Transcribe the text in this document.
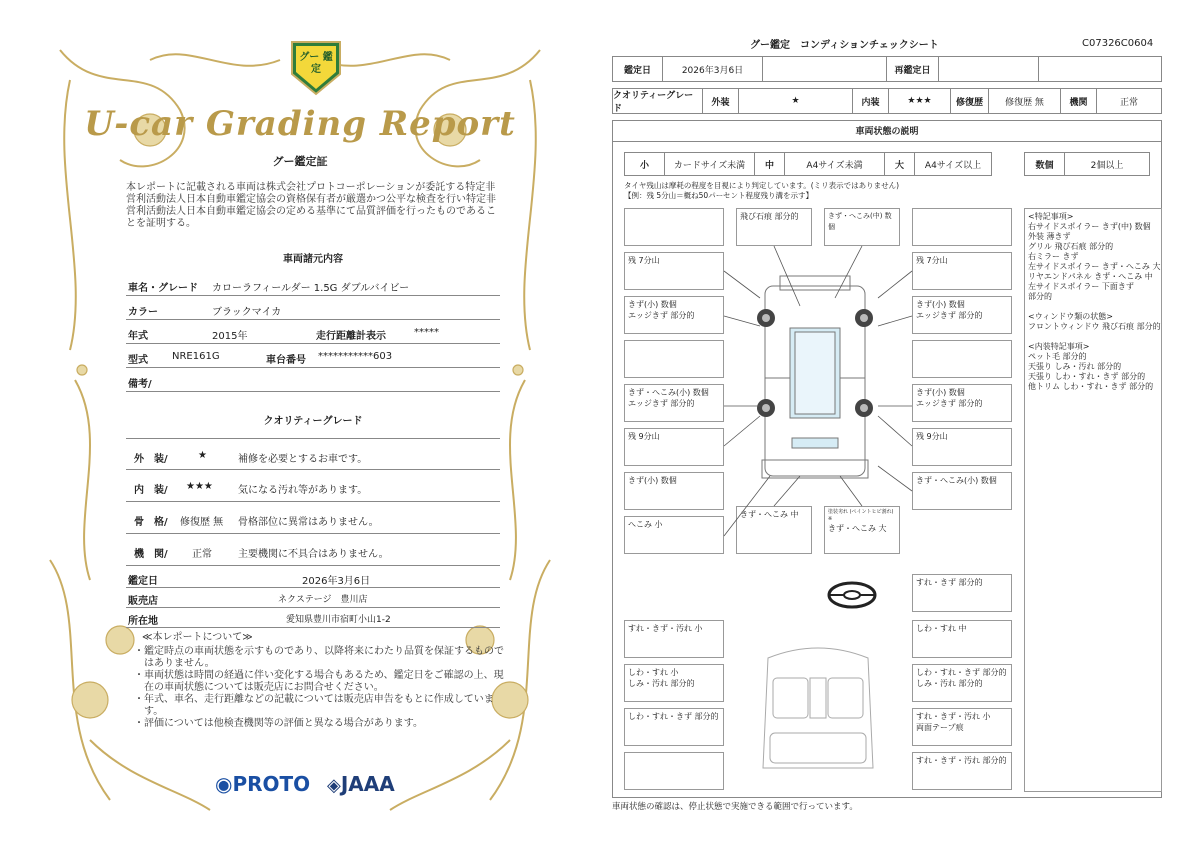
グー 鑑定
U-car Grading Report
グー鑑定証
本レポートに記載される車両は株式会社プロトコーポレーションが委託する特定非営利活動法人日本自動車鑑定協会の資格保有者が厳選かつ公平な検査を行い特定非営利活動法人日本自動車鑑定協会の定める基準にて品質評価を行ったものであることを証明する。
車両諸元内容
車名・グレード カローラフィールダー 1.5G ダブルバイビー
カラー	ブラックマイカ
年式	2015年	走行距離計表示	*****
型式 NRE161G	車台番号 ***********603
備考/
クオリティーグレード
外　装/	★	補修を必要とするお車です。
内　装/ ★★★	気になる汚れ等があります。
骨　格/ 修復歴 無 骨格部位に異常はありません。
機　関/ 正常	主要機関に不具合はありません。
鑑定日	2026年3月6日
販売店	ネクステージ　豊川店
所在地	愛知県豊川市宿町小山1-2
≪本レポートについて≫
・鑑定時点の車両状態を示すものであり、以降将来にわたり品質を保証するものではありません。
・車両状態は時間の経過に伴い変化する場合もあるため、鑑定日をご確認の上、現在の車両状態については販売店にお問合せください。
・年式、車名、走行距離などの記載については販売店申告をもとに作成しています。
・評価については他検査機関等の評価と異なる場合があります。
◉PROTO ◈JAAA
グー鑑定　コンディションチェックシート	C07326C0604
鑑定日	2026年3月6日	再鑑定日
クオリティーグレード
外装	★	内装	★★★	修復歴	修復歴 無	機関	正常
車両状態の説明
小	カードサイズ未満	中	A4サイズ未満	大	A4サイズ以上	数個	2個以上
タイヤ残山は摩耗の程度を目視により判定しています。(ミリ表示ではありません)
【例：残 5分山＝概ね50パーセント程度残り溝を示す】
飛び石痕 部分的	きず・へこみ(中) 数個
残 7分山	残 7分山
きず(小) 数個
エッジきず 部分的
きず(小) 数個
エッジきず 部分的
きず・へこみ(小) 数個
エッジきず 部分的
きず(小) 数個
エッジきず 部分的
残 9分山	残 9分山
きず(小) 数個	きず・へこみ(小) 数個
へこみ 小
きず・へこみ 中	塗装劣れ (ペイントヒビ割れ) ※
きず・へこみ 大
すれ・きず 部分的
すれ・きず・汚れ 小	しわ・すれ 中
しわ・すれ 小
しみ・汚れ 部分的
しわ・すれ・きず 部分的
しみ・汚れ 部分的
しわ・すれ・きず 部分的	すれ・きず・汚れ 小
両面テープ痕
すれ・きず・汚れ 部分的
<特記事項>
右サイドスポイラー きず(中) 数個
外装 薄きず
グリル 飛び石痕 部分的
右ミラー きず
左サイドスポイラー きず・へこみ 大
リヤエンドパネル きず・へこみ 中
左サイドスポイラー 下面きず
部分的
<ウィンドウ類の状態>
フロントウィンドウ 飛び石痕 部分的
<内装特記事項>
ペット毛 部分的
天張り しみ・汚れ 部分的
天張り しわ・すれ・きず 部分的
他トリム しわ・すれ・きず 部分的
車両状態の確認は、停止状態で実施できる範囲で行っています。
